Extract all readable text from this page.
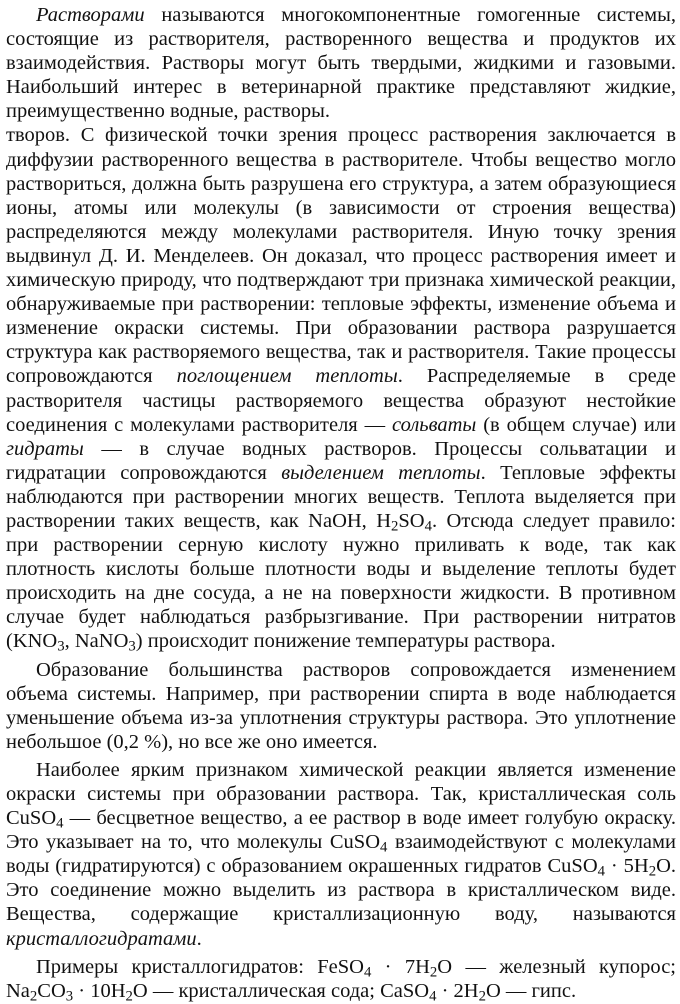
Растворами называются многокомпонентные гомогенные системы, состоящие из растворителя, растворенного вещества и продуктов их взаимодействия. Растворы могут быть твердыми, жидкими и газовыми. Наибольший интерес в ветеринарной практике представляют жидкие, преимущественно водные, растворы.

творов. С физической точки зрения процесс растворения заключается в диффузии растворенного вещества в растворителе. Чтобы вещество могло раствориться, должна быть разрушена его структура, а затем образующиеся ионы, атомы или молекулы (в зависимости от строения вещества) распределяются между молекулами растворителя. Иную точку зрения выдвинул Д. И. Менделеев. Он доказал, что процесс растворения имеет и химическую природу, что подтверждают три признака химической реакции, обнаруживаемые при растворении: тепловые эффекты, изменение объема и изменение окраски системы. При образовании раствора разрушается структура как растворяемого вещества, так и растворителя. Такие процессы сопровождаются поглощением теплоты. Распределяемые в среде растворителя частицы растворяемого вещества образуют нестойкие соединения с молекулами растворителя — сольваты (в общем случае) или гидраты — в случае водных растворов. Процессы сольватации и гидратации сопровождаются выделением теплоты. Тепловые эффекты наблюдаются при растворении многих веществ. Теплота выделяется при растворении таких веществ, как NaOH, $H_2SO_4$. Отсюда следует правило: при растворении серную кислоту нужно приливать к воде, так как плотность кислоты больше плотности воды и выделение теплоты будет происходить на дне сосуда, а не на поверхности жидкости. В противном случае будет наблюдаться разбрызгивание. При растворении нитратов ($KNO_3$, NaNO$_3$) происходит понижение температуры раствора.

Образование большинства растворов сопровождается изменением объема системы. Например, при растворении спирта в воде наблюдается уменьшение объема из-за уплотнения структуры раствора. Это уплотнение небольшое (0,2 %), но все же оно имеется.

Наиболее ярким признаком химической реакции является изменение окраски системы при образовании раствора. Так, кристаллическая соль CuSO$_4$ — бесцветное вещество, а ее раствор в воде имеет голубую окраску. Это указывает на то, что молекулы CuSO$_4$ взаимодействуют с молекулами воды (гидратируются) с образованием окрашенных гидратов CuSO$_4$ · $5H_2O$. Это соединение можно выделить из раствора в кристаллическом виде. Вещества, содержащие кристаллизационную воду, называются кристаллогидратами.

Примеры кристаллогидратов: FeSO$_4$ · $7H_2O$ — железный купорос; $Na_2CO_3 \cdot 10H_2O$ — кристаллическая сода; CaSO$_4$ · $2H_2O$ — гипс.
